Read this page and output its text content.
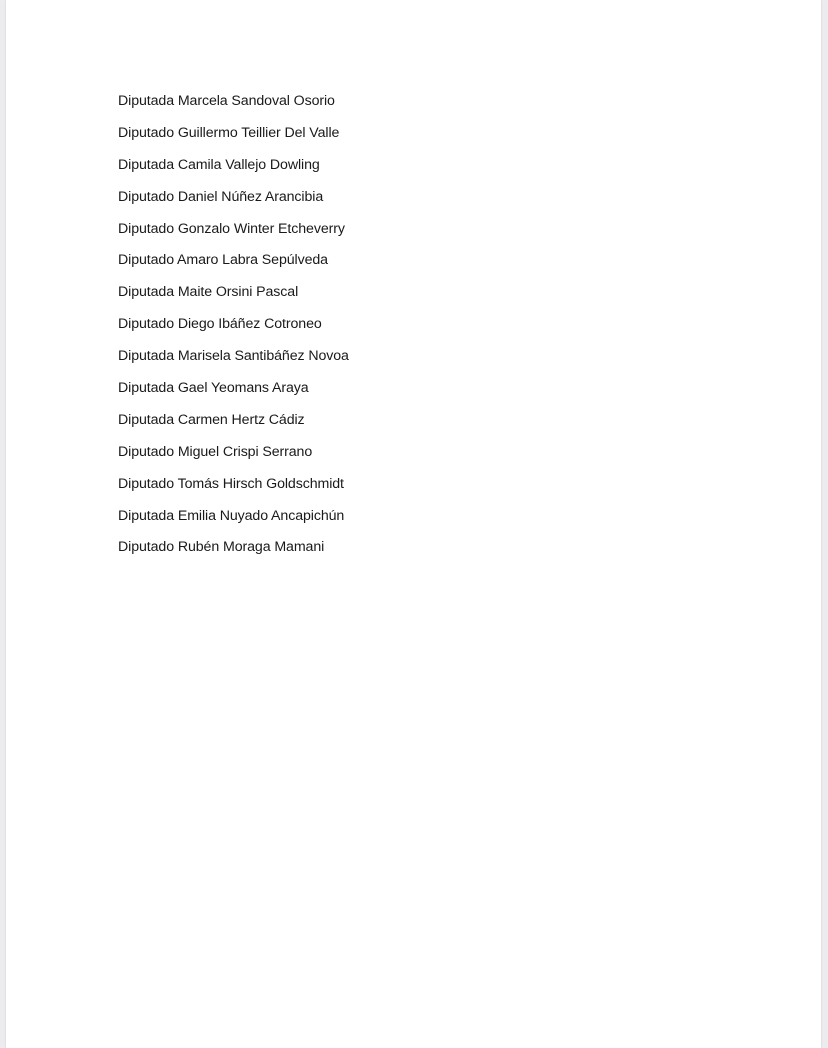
Diputada Marcela Sandoval Osorio
Diputado Guillermo Teillier Del Valle
Diputada Camila Vallejo Dowling
Diputado Daniel Núñez Arancibia
Diputado Gonzalo Winter Etcheverry
Diputado Amaro Labra Sepúlveda
Diputada Maite Orsini Pascal
Diputado Diego Ibáñez Cotroneo
Diputada Marisela Santibáñez Novoa
Diputada Gael Yeomans Araya
Diputada Carmen Hertz Cádiz
Diputado Miguel Crispi Serrano
Diputado Tomás Hirsch Goldschmidt
Diputada Emilia Nuyado Ancapichún
Diputado Rubén Moraga Mamani
